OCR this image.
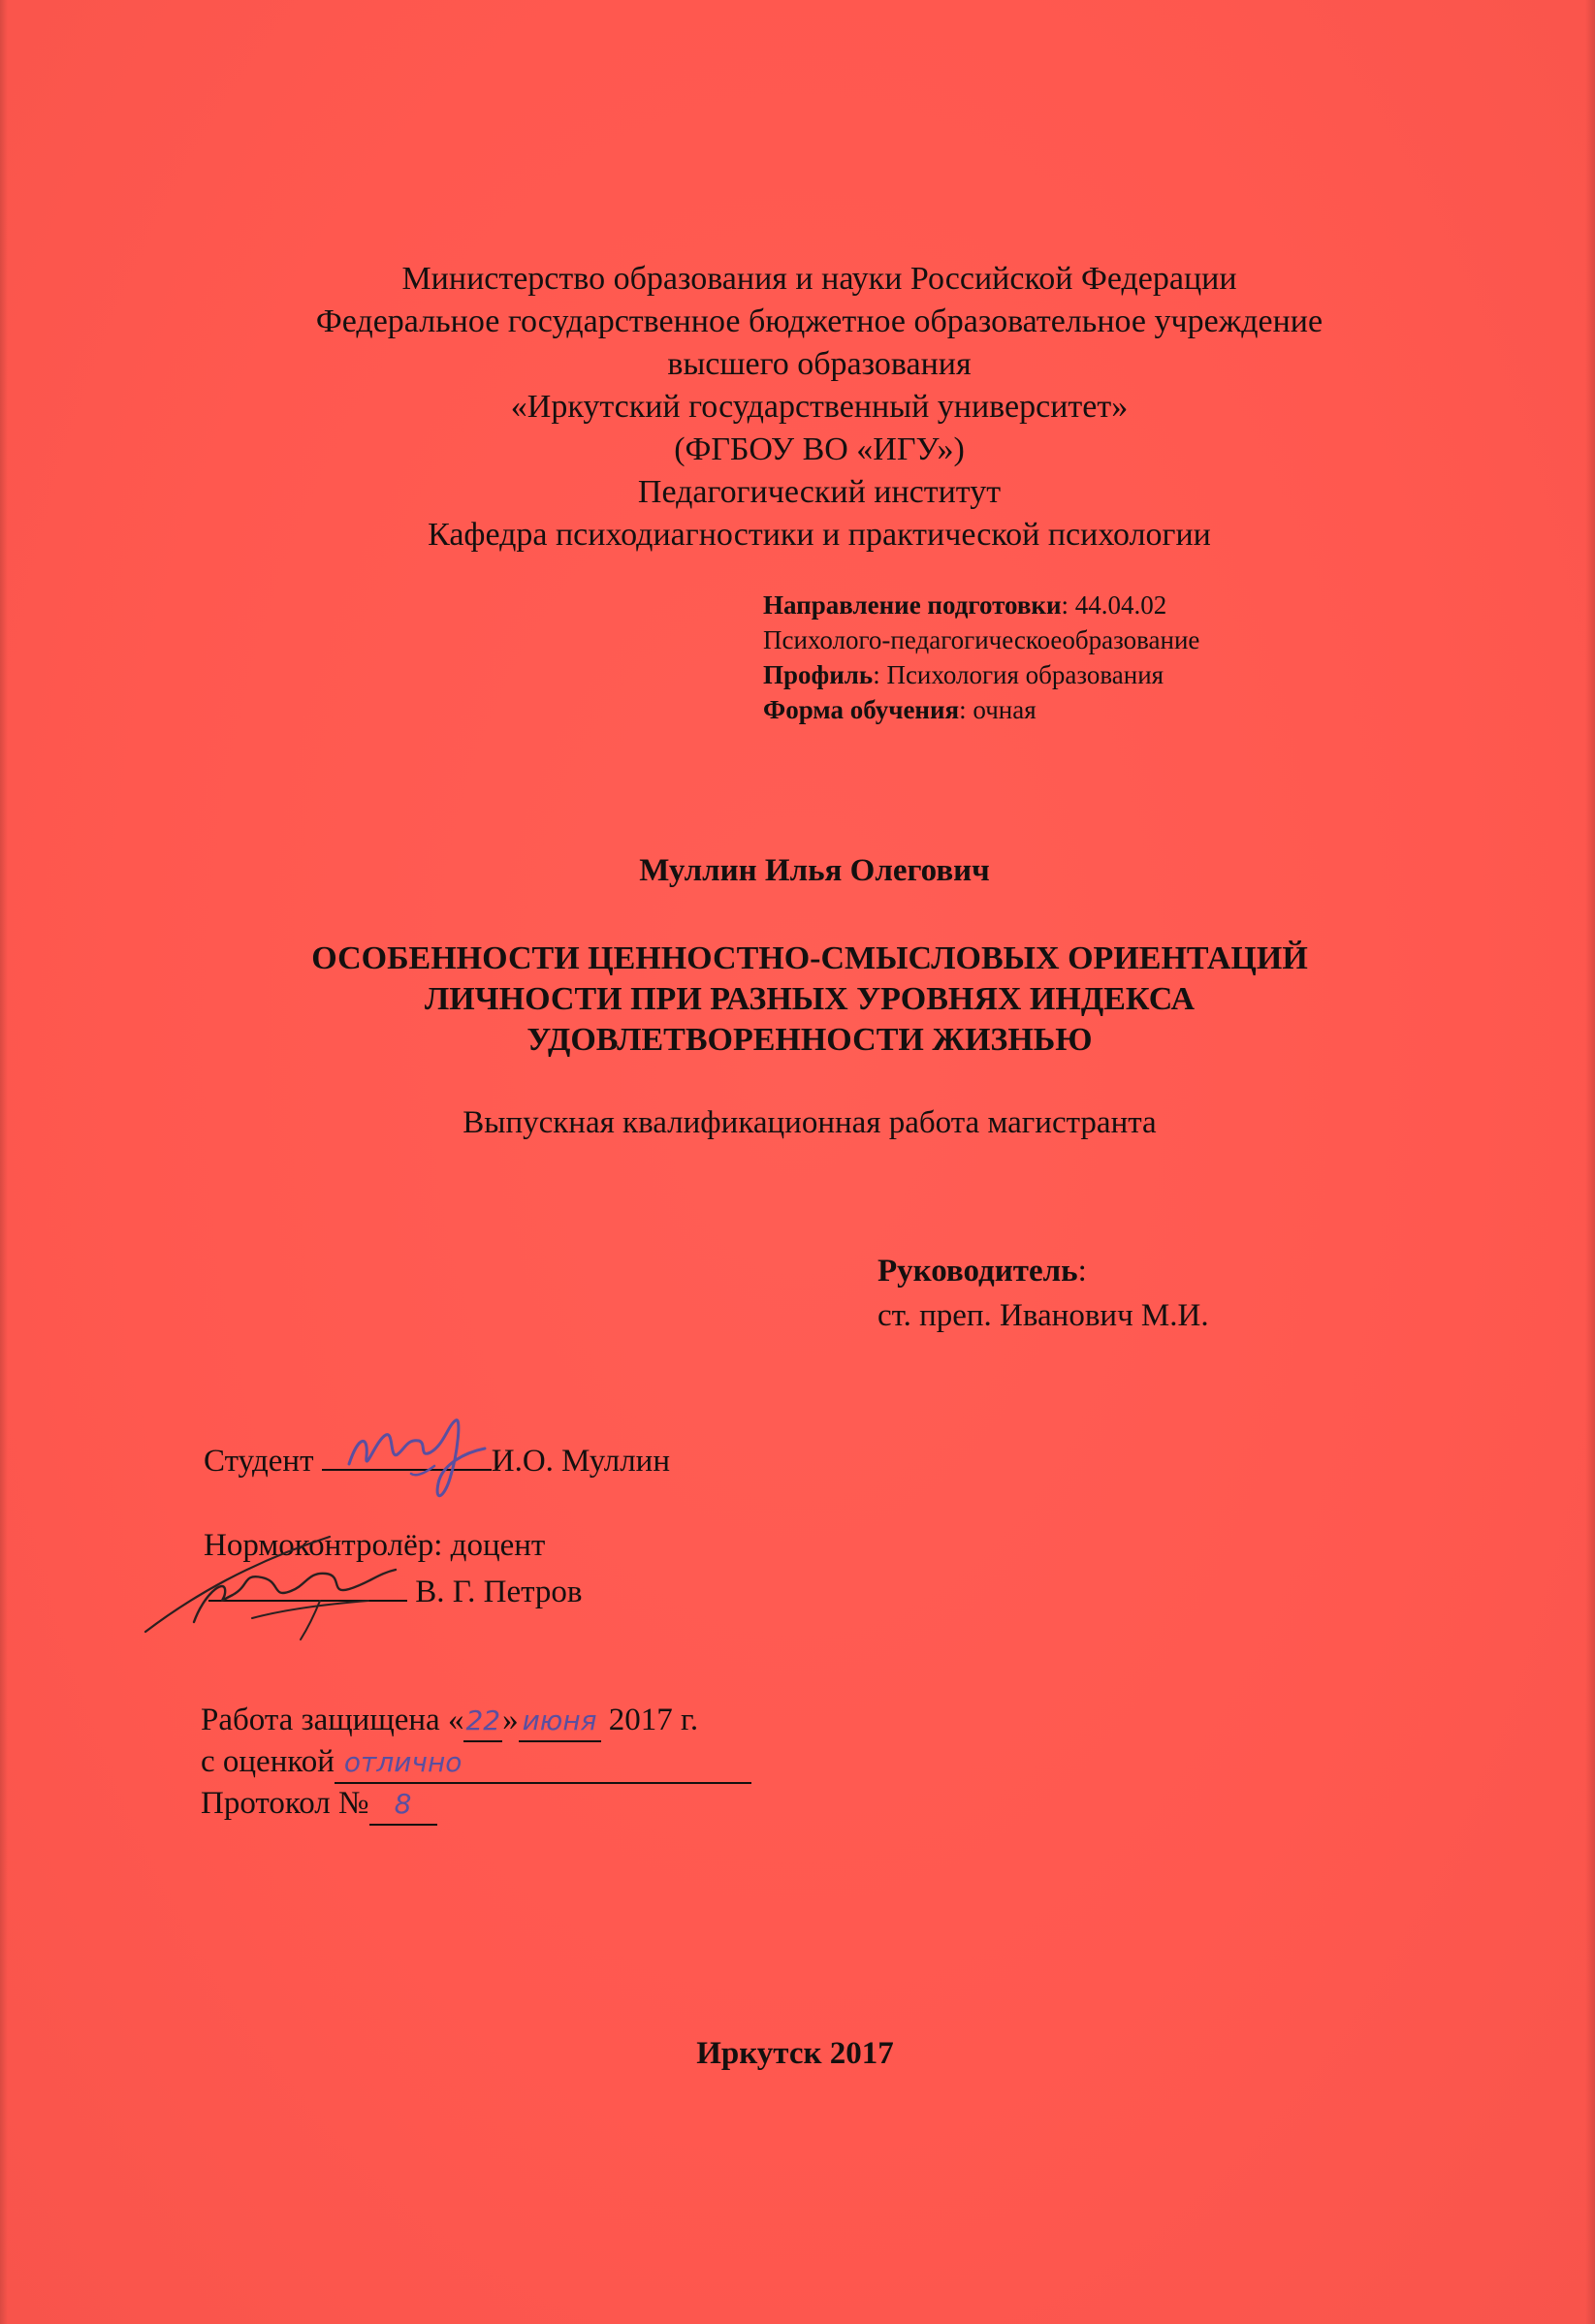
Министерство образования и науки Российской Федерации
Федеральное государственное бюджетное образовательное учреждение
высшего образования
«Иркутский государственный университет»
(ФГБОУ ВО «ИГУ»)
Педагогический институт
Кафедра психодиагностики и практической психологии
Направление подготовки: 44.04.02
Психолого-педагогическоеобразование
Профиль: Психология образования
Форма обучения: очная
Муллин Илья Олегович
ОСОБЕННОСТИ ЦЕННОСТНО-СМЫСЛОВЫХ ОРИЕНТАЦИЙ
ЛИЧНОСТИ ПРИ РАЗНЫХ УРОВНЯХ ИНДЕКСА
УДОВЛЕТВОРЕННОСТИ ЖИЗНЬЮ
Выпускная квалификационная работа магистранта
Руководитель:
ст. преп. Иванович М.И.
Студент	И.О. Муллин
Нормоконтролёр: доцент
В. Г. Петров
Работа защищена «22» июня 2017 г.
с оценкой отлично
Протокол № 8
Иркутск 2017
